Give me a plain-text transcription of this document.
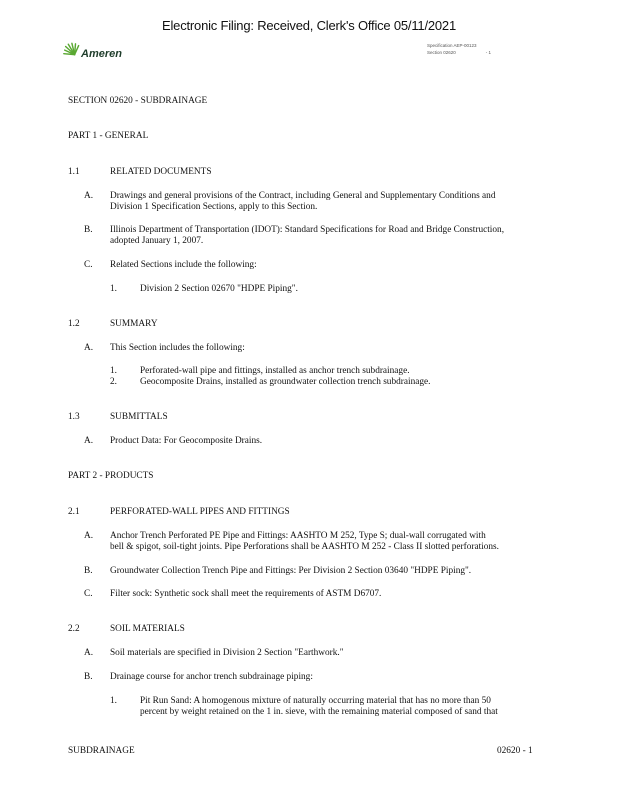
Electronic Filing: Received, Clerk's Office 05/11/2021
Ameren
Specification AEP-00123
Section 02620	- 1
SECTION 02620 - SUBDRAINAGE
PART 1 - GENERAL
1.1	RELATED DOCUMENTS
A. Drawings and general provisions of the Contract, including General and Supplementary Conditions and
Division 1 Specification Sections, apply to this Section.
B. Illinois Department of Transportation (IDOT): Standard Specifications for Road and Bridge Construction,
adopted January 1, 2007.
C. Related Sections include the following:
1. Division 2 Section 02670 "HDPE Piping".
1.2	SUMMARY
A. This Section includes the following:
1. Perforated-wall pipe and fittings, installed as anchor trench subdrainage.
2. Geocomposite Drains, installed as groundwater collection trench subdrainage.
1.3	SUBMITTALS
A. Product Data: For Geocomposite Drains.
PART 2 - PRODUCTS
2.1	PERFORATED-WALL PIPES AND FITTINGS
A. Anchor Trench Perforated PE Pipe and Fittings: AASHTO M 252, Type S; dual-wall corrugated with
bell & spigot, soil-tight joints. Pipe Perforations shall be AASHTO M 252 - Class II slotted perforations.
B. Groundwater Collection Trench Pipe and Fittings: Per Division 2 Section 03640 "HDPE Piping".
C. Filter sock: Synthetic sock shall meet the requirements of ASTM D6707.
2.2	SOIL MATERIALS
A. Soil materials are specified in Division 2 Section "Earthwork."
B. Drainage course for anchor trench subdrainage piping:
1. Pit Run Sand: A homogenous mixture of naturally occurring material that has no more than 50
percent by weight retained on the 1 in. sieve, with the remaining material composed of sand that
SUBDRAINAGE	02620 - 1
